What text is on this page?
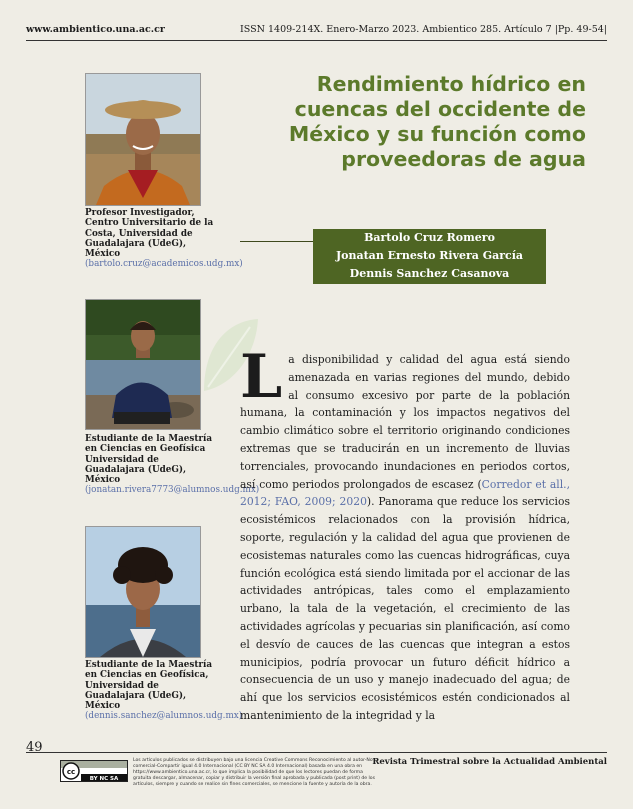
www.ambientico.una.ac.cr	ISSN 1409-214X. Enero-Marzo 2023. Ambientico 285. Artículo 7 |Pp. 49-54|
Rendimiento hídrico en cuencas del occidente de México y su función como proveedoras de agua
Bartolo Cruz Romero
Jonatan Ernesto Rivera García
Dennis Sanchez Casanova
Profesor Investigador, Centro Universitario de la Costa, Universidad de Guadalajara (UdeG), México (bartolo.cruz@academicos.udg.mx)
Estudiante de la Maestría en Ciencias en Geofísica Universidad de Guadalajara (UdeG), México (jonatan.rivera7773@alumnos.udg.mx)
Estudiante de la Maestría en Ciencias en Geofísica, Universidad de Guadalajara (UdeG), México (dennis.sanchez@alumnos.udg.mx)

La disponibilidad y calidad del agua está siendo amenazada en varias regiones del mundo, debido al consumo excesivo por parte de la población humana, la contaminación y los impactos negativos del cambio climático sobre el territorio originando condiciones extremas que se traducirán en un incremento de lluvias torrenciales, provocando inundaciones en periodos cortos, así como periodos prolongados de escasez (Corredor et all., 2012; FAO, 2009; 2020). Panorama que reduce los servicios ecosistémicos relacionados con la provisión hídrica, soporte, regulación y la calidad del agua que provienen de ecosistemas naturales como las cuencas hidrográficas, cuya función ecológica está siendo limitada por el accionar de las actividades antrópicas, tales como el emplazamiento urbano, la tala de la vegetación, el crecimiento de las actividades agrícolas y pecuarias sin planificación, así como el desvío de cauces de las cuencas que integran a estos municipios, podría provocar un futuro déficit hídrico a consecuencia de un uso y manejo inadecuado del agua; de ahí que los servicios ecosistémicos estén condicionados al mantenimiento de la integridad y la

49
cc
BY NC SA
Los artículos publicados se distribuyen bajo una licencia Creative Commons Reconocimiento al autor-No comercial-Compartir igual 4.0 Internacional (CC BY NC SA 4.0 Internacional) basada en una obra en https://www.ambientico.una.ac.cr, lo que implica la posibilidad de que los lectores puedan de forma gratuita descargar, almacenar, copiar y distribuir la versión final aprobada y publicada (post print) de los artículos, siempre y cuando se realice sin fines comerciales, se mencione la fuente y autoría de la obra.
Revista Trimestral sobre la Actualidad Ambiental
